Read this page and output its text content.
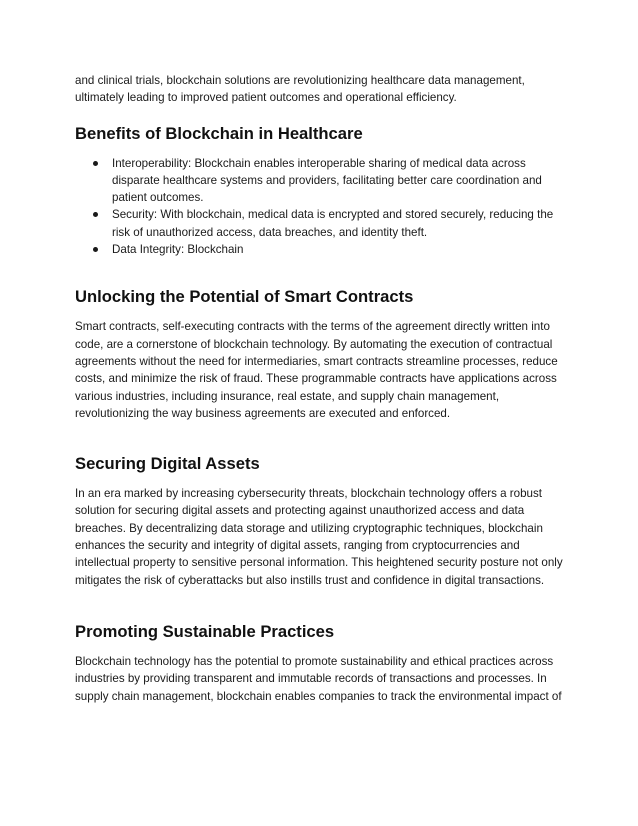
and clinical trials, blockchain solutions are revolutionizing healthcare data management, ultimately leading to improved patient outcomes and operational efficiency.

Benefits of Blockchain in Healthcare
Interoperability: Blockchain enables interoperable sharing of medical data across disparate healthcare systems and providers, facilitating better care coordination and patient outcomes.
Security: With blockchain, medical data is encrypted and stored securely, reducing the risk of unauthorized access, data breaches, and identity theft.
Data Integrity: Blockchain
Unlocking the Potential of Smart Contracts

Smart contracts, self-executing contracts with the terms of the agreement directly written into code, are a cornerstone of blockchain technology. By automating the execution of contractual agreements without the need for intermediaries, smart contracts streamline processes, reduce costs, and minimize the risk of fraud. These programmable contracts have applications across various industries, including insurance, real estate, and supply chain management, revolutionizing the way business agreements are executed and enforced.

Securing Digital Assets

In an era marked by increasing cybersecurity threats, blockchain technology offers a robust solution for securing digital assets and protecting against unauthorized access and data breaches. By decentralizing data storage and utilizing cryptographic techniques, blockchain enhances the security and integrity of digital assets, ranging from cryptocurrencies and intellectual property to sensitive personal information. This heightened security posture not only mitigates the risk of cyberattacks but also instills trust and confidence in digital transactions.

Promoting Sustainable Practices

Blockchain technology has the potential to promote sustainability and ethical practices across industries by providing transparent and immutable records of transactions and processes. In supply chain management, blockchain enables companies to track the environmental impact of
